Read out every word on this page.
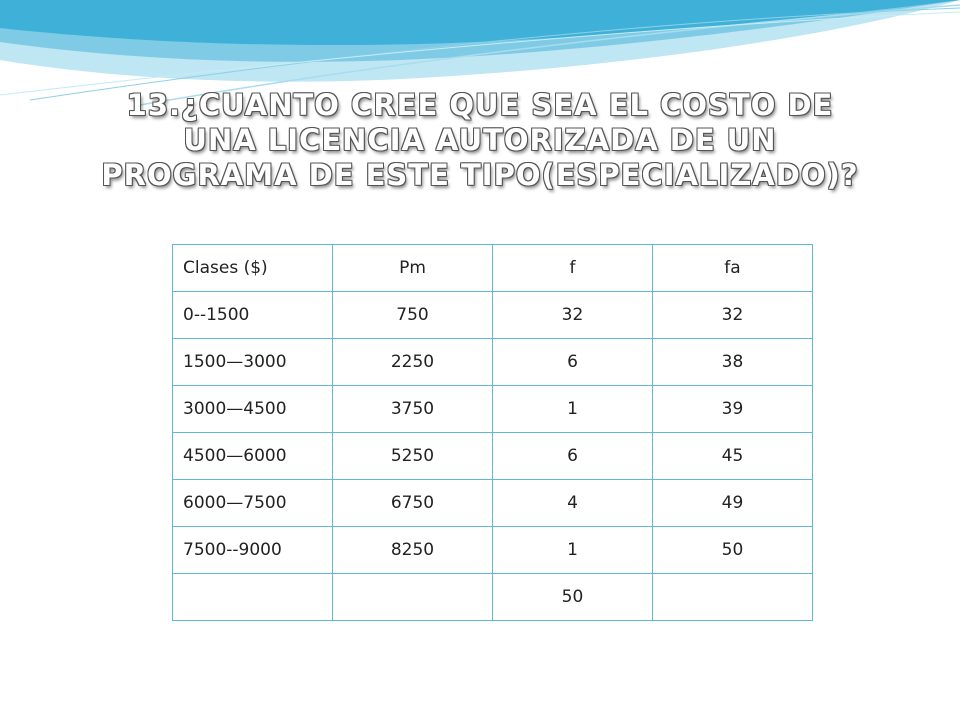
13.¿CUANTO CREE QUE SEA EL COSTO DE UNA LICENCIA AUTORIZADA DE UN PROGRAMA DE ESTE TIPO(ESPECIALIZADO)?
Clases ($)	Pm	f	fa
0--1500	750	32	32
1500—3000	2250	6	38
3000—4500	3750	1	39
4500—6000	5250	6	45
6000—7500	6750	4	49
7500--9000	8250	1	50
		50	
